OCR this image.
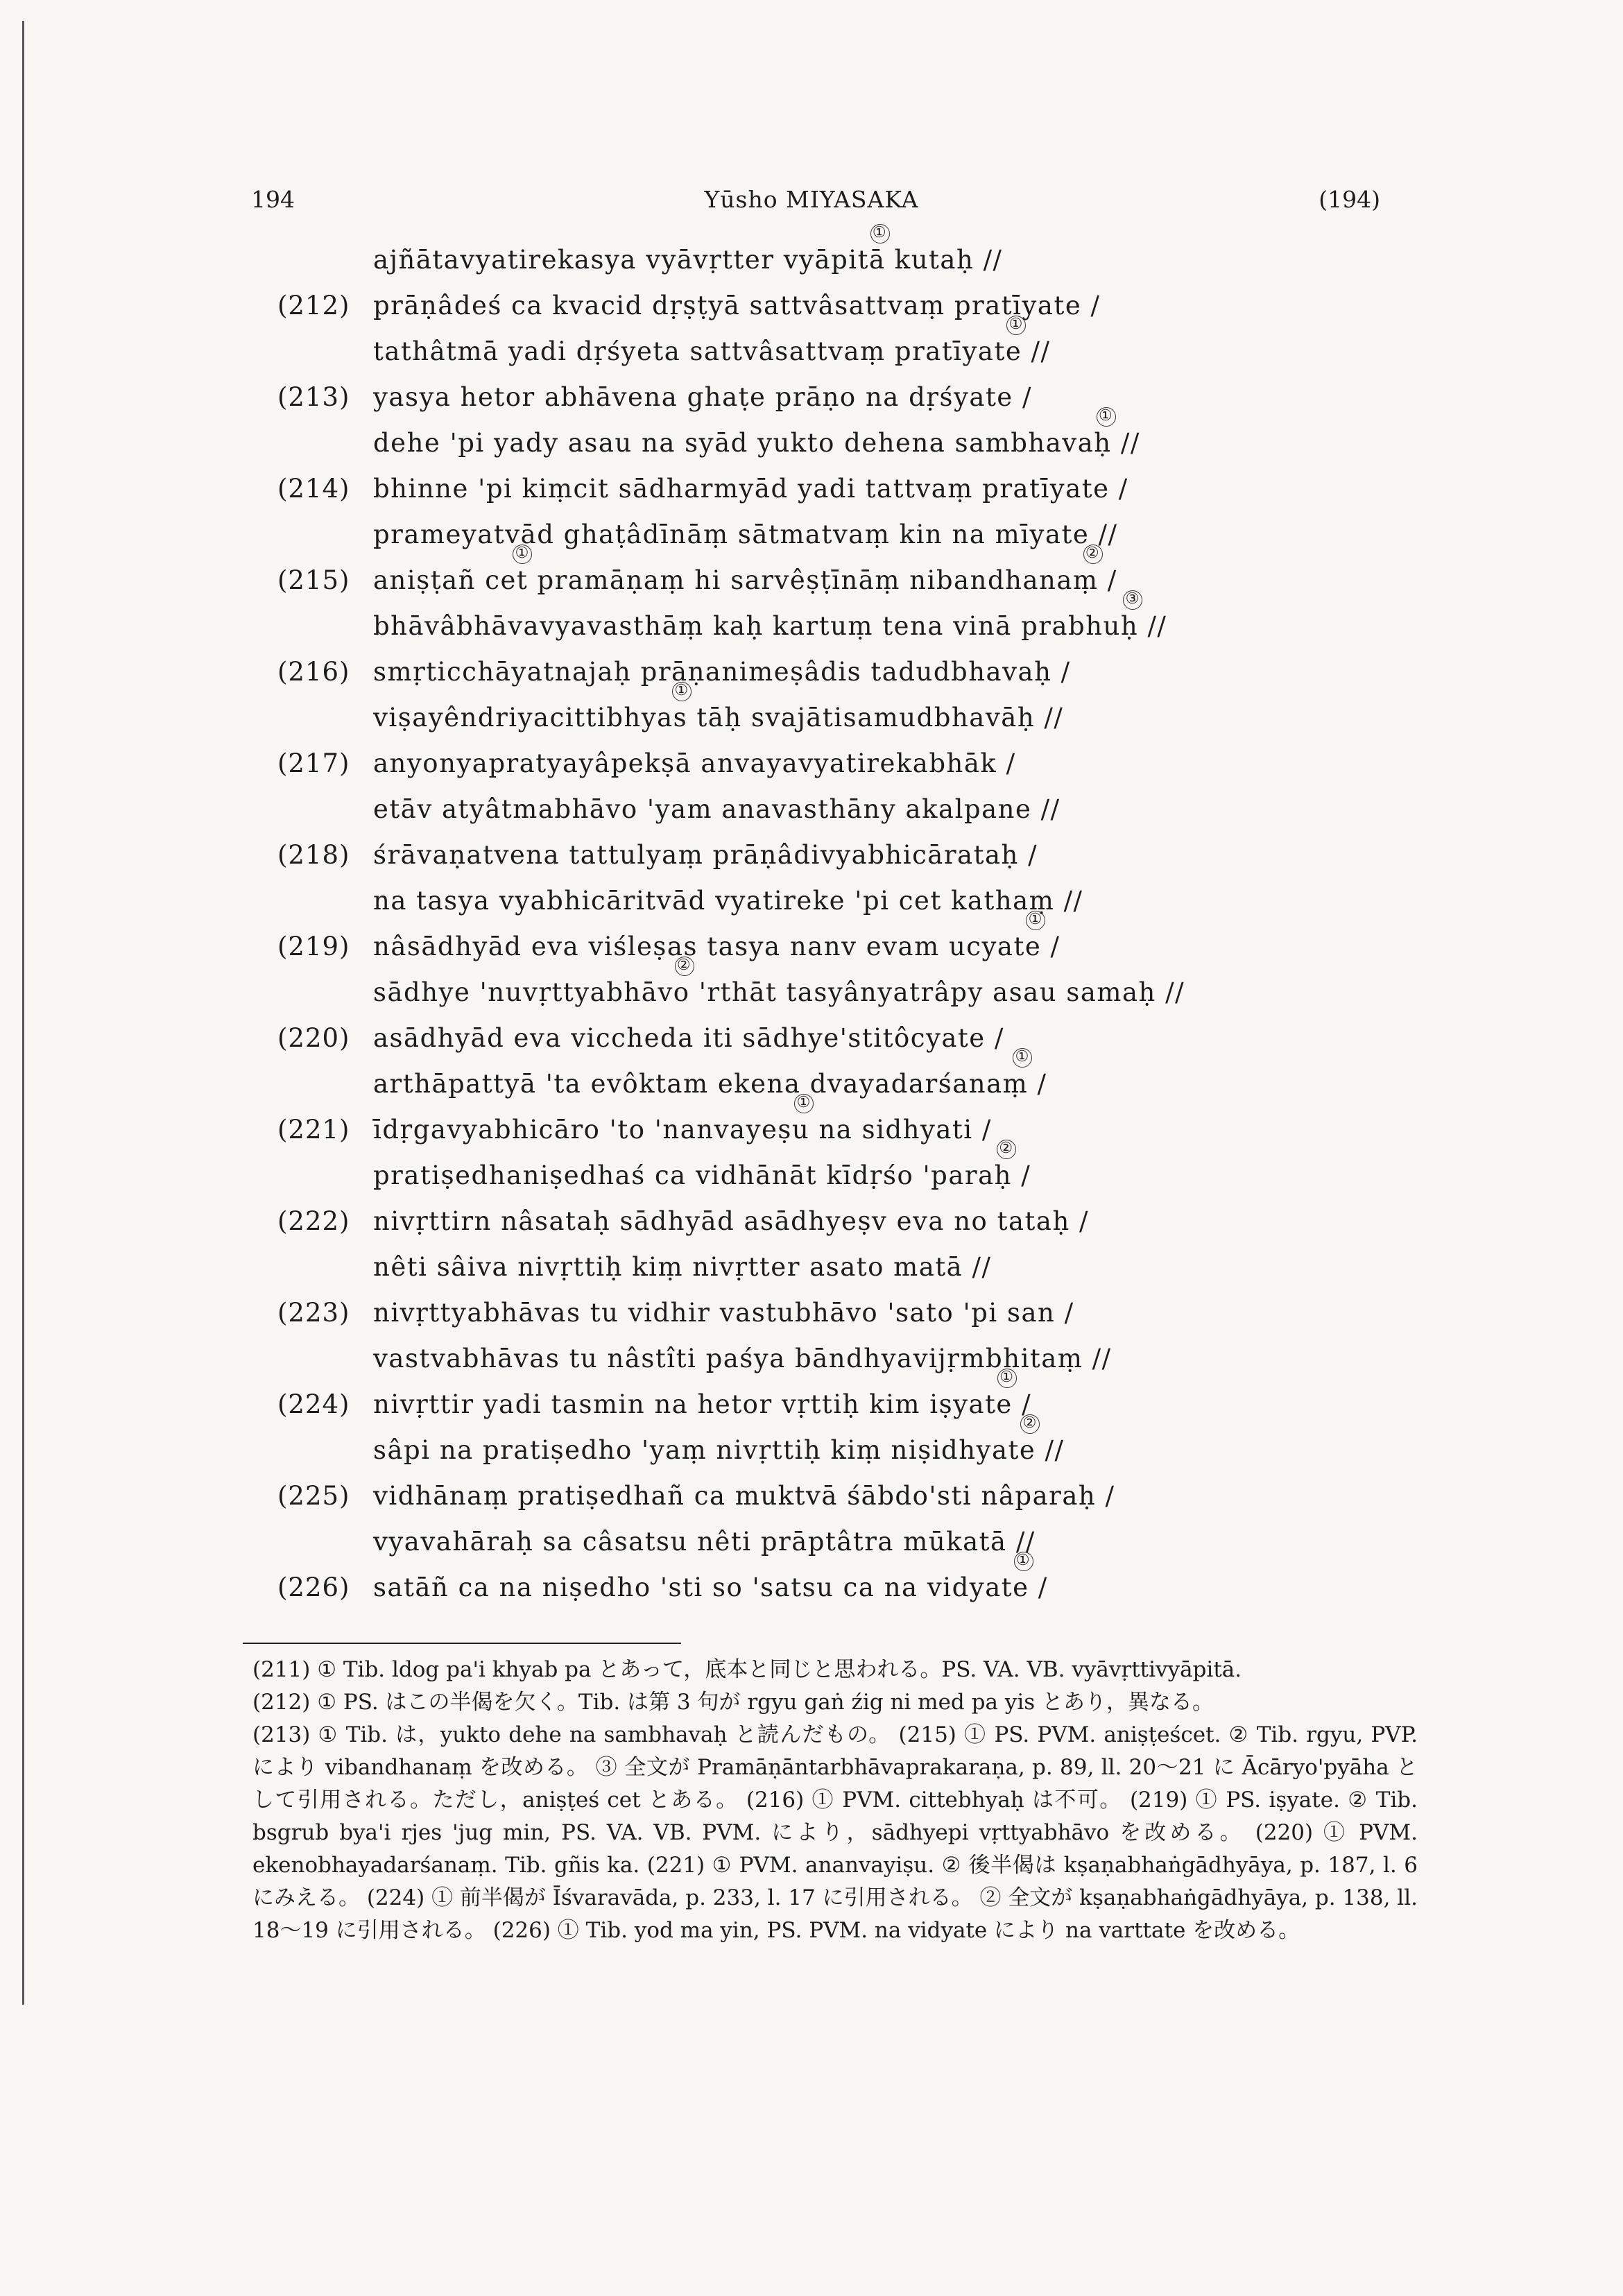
194	Yūsho MIYASAKA	(194)
ajñātavyatirekasya vyāvṛtter vyāpitā
①
kutaḥ //
(212) prāṇâdeś ca kvacid dṛṣṭyā sattvâsattvaṃ pratīyate /
tathâtmā yadi dṛśyeta sattvâsattvaṃ pratīyate
①
//
(213) yasya hetor abhāvena ghaṭe prāṇo na dṛśyate /
dehe 'pi yady asau na syād yukto dehena sambhavaḥ
①
//
(214) bhinne 'pi kiṃcit sādharmyād yadi tattvaṃ pratīyate /
prameyatvād ghaṭâdīnāṃ sātmatvaṃ kin na mīyate //
(215) aniṣṭañ cet
①
pramāṇaṃ hi sarvêṣṭīnāṃ nibandhanaṃ
②
/
bhāvâbhāvavyavasthāṃ kaḥ kartuṃ tena vinā prabhuḥ
③
//
(216) smṛticchāyatnajaḥ prāṇanimeṣâdis tadudbhavaḥ /
viṣayêndriyacittibhyas
①
tāḥ svajātisamudbhavāḥ //
(217) anyonyapratyayâpekṣā anvayavyatirekabhāk /
etāv atyâtmabhāvo 'yam anavasthāny akalpane //
(218) śrāvaṇatvena tattulyaṃ prāṇâdivyabhicārataḥ /
na tasya vyabhicāritvād vyatireke 'pi cet kathaṃ //
(219) nâsādhyād eva viśleṣas tasya nanv evam ucyate
①
/
sādhye 'nuvṛttyabhāvo
②
'rthāt tasyânyatrâpy asau samaḥ //
(220) asādhyād eva viccheda iti sādhye'stitôcyate /
arthāpattyā 'ta evôktam ekena dvayadarśanaṃ
①
/
(221) īdṛgavyabhicāro 'to 'nanvayeṣu
①
na sidhyati /
pratiṣedhaniṣedhaś ca vidhānāt kīdṛśo 'paraḥ
②
/
(222) nivṛttirn nâsataḥ sādhyād asādhyeṣv eva no tataḥ /
nêti sâiva nivṛttiḥ kiṃ nivṛtter asato matā //
(223) nivṛttyabhāvas tu vidhir vastubhāvo 'sato 'pi san /
vastvabhāvas tu nâstîti paśya bāndhyavijṛmbhitaṃ //
(224) nivṛttir yadi tasmin na hetor vṛttiḥ kim iṣyate
①
/
sâpi na pratiṣedho 'yaṃ nivṛttiḥ kiṃ niṣidhyate
②
//
(225) vidhānaṃ pratiṣedhañ ca muktvā śābdo'sti nâparaḥ /
vyavahāraḥ sa câsatsu nêti prāptâtra mūkatā //
(226) satāñ ca na niṣedho 'sti so 'satsu ca na vidyate
①
/

(211) ① Tib. ldog pa'i khyab pa とあって，底本と同じと思われる。PS. VA. VB. vyāvṛttivyāpitā.

(212) ① PS. はこの半偈を欠く。Tib. は第 3 句が rgyu gaṅ źig ni med pa yis とあり，異なる。

(213) ① Tib. は，yukto dehe na sambhavaḥ と読んだもの。 (215) ① PS. PVM. aniṣṭeścet. ② Tib. rgyu, PVP. により vibandhanaṃ を改める。 ③ 全文が Pramāṇāntarbhāvaprakaraṇa, p. 89, ll. 20～21 に Ācāryo'pyāha として引用される。ただし，aniṣṭeś cet とある。 (216) ① PVM. cittebhyaḥ は不可。 (219) ① PS. iṣyate. ② Tib. bsgrub bya'i rjes 'jug min, PS. VA. VB. PVM. により，sādhyepi vṛttyabhāvo を改める。 (220) ① PVM. ekenobhayadarśanaṃ. Tib. gñis ka. (221) ① PVM. ananvayiṣu. ② 後半偈は kṣaṇabhaṅgādhyāya, p. 187, l. 6 にみえる。 (224) ① 前半偈が Īśvaravāda, p. 233, l. 17 に引用される。 ② 全文が kṣaṇabhaṅgādhyāya, p. 138, ll. 18～19 に引用される。 (226) ① Tib. yod ma yin, PS. PVM. na vidyate により na varttate を改める。
